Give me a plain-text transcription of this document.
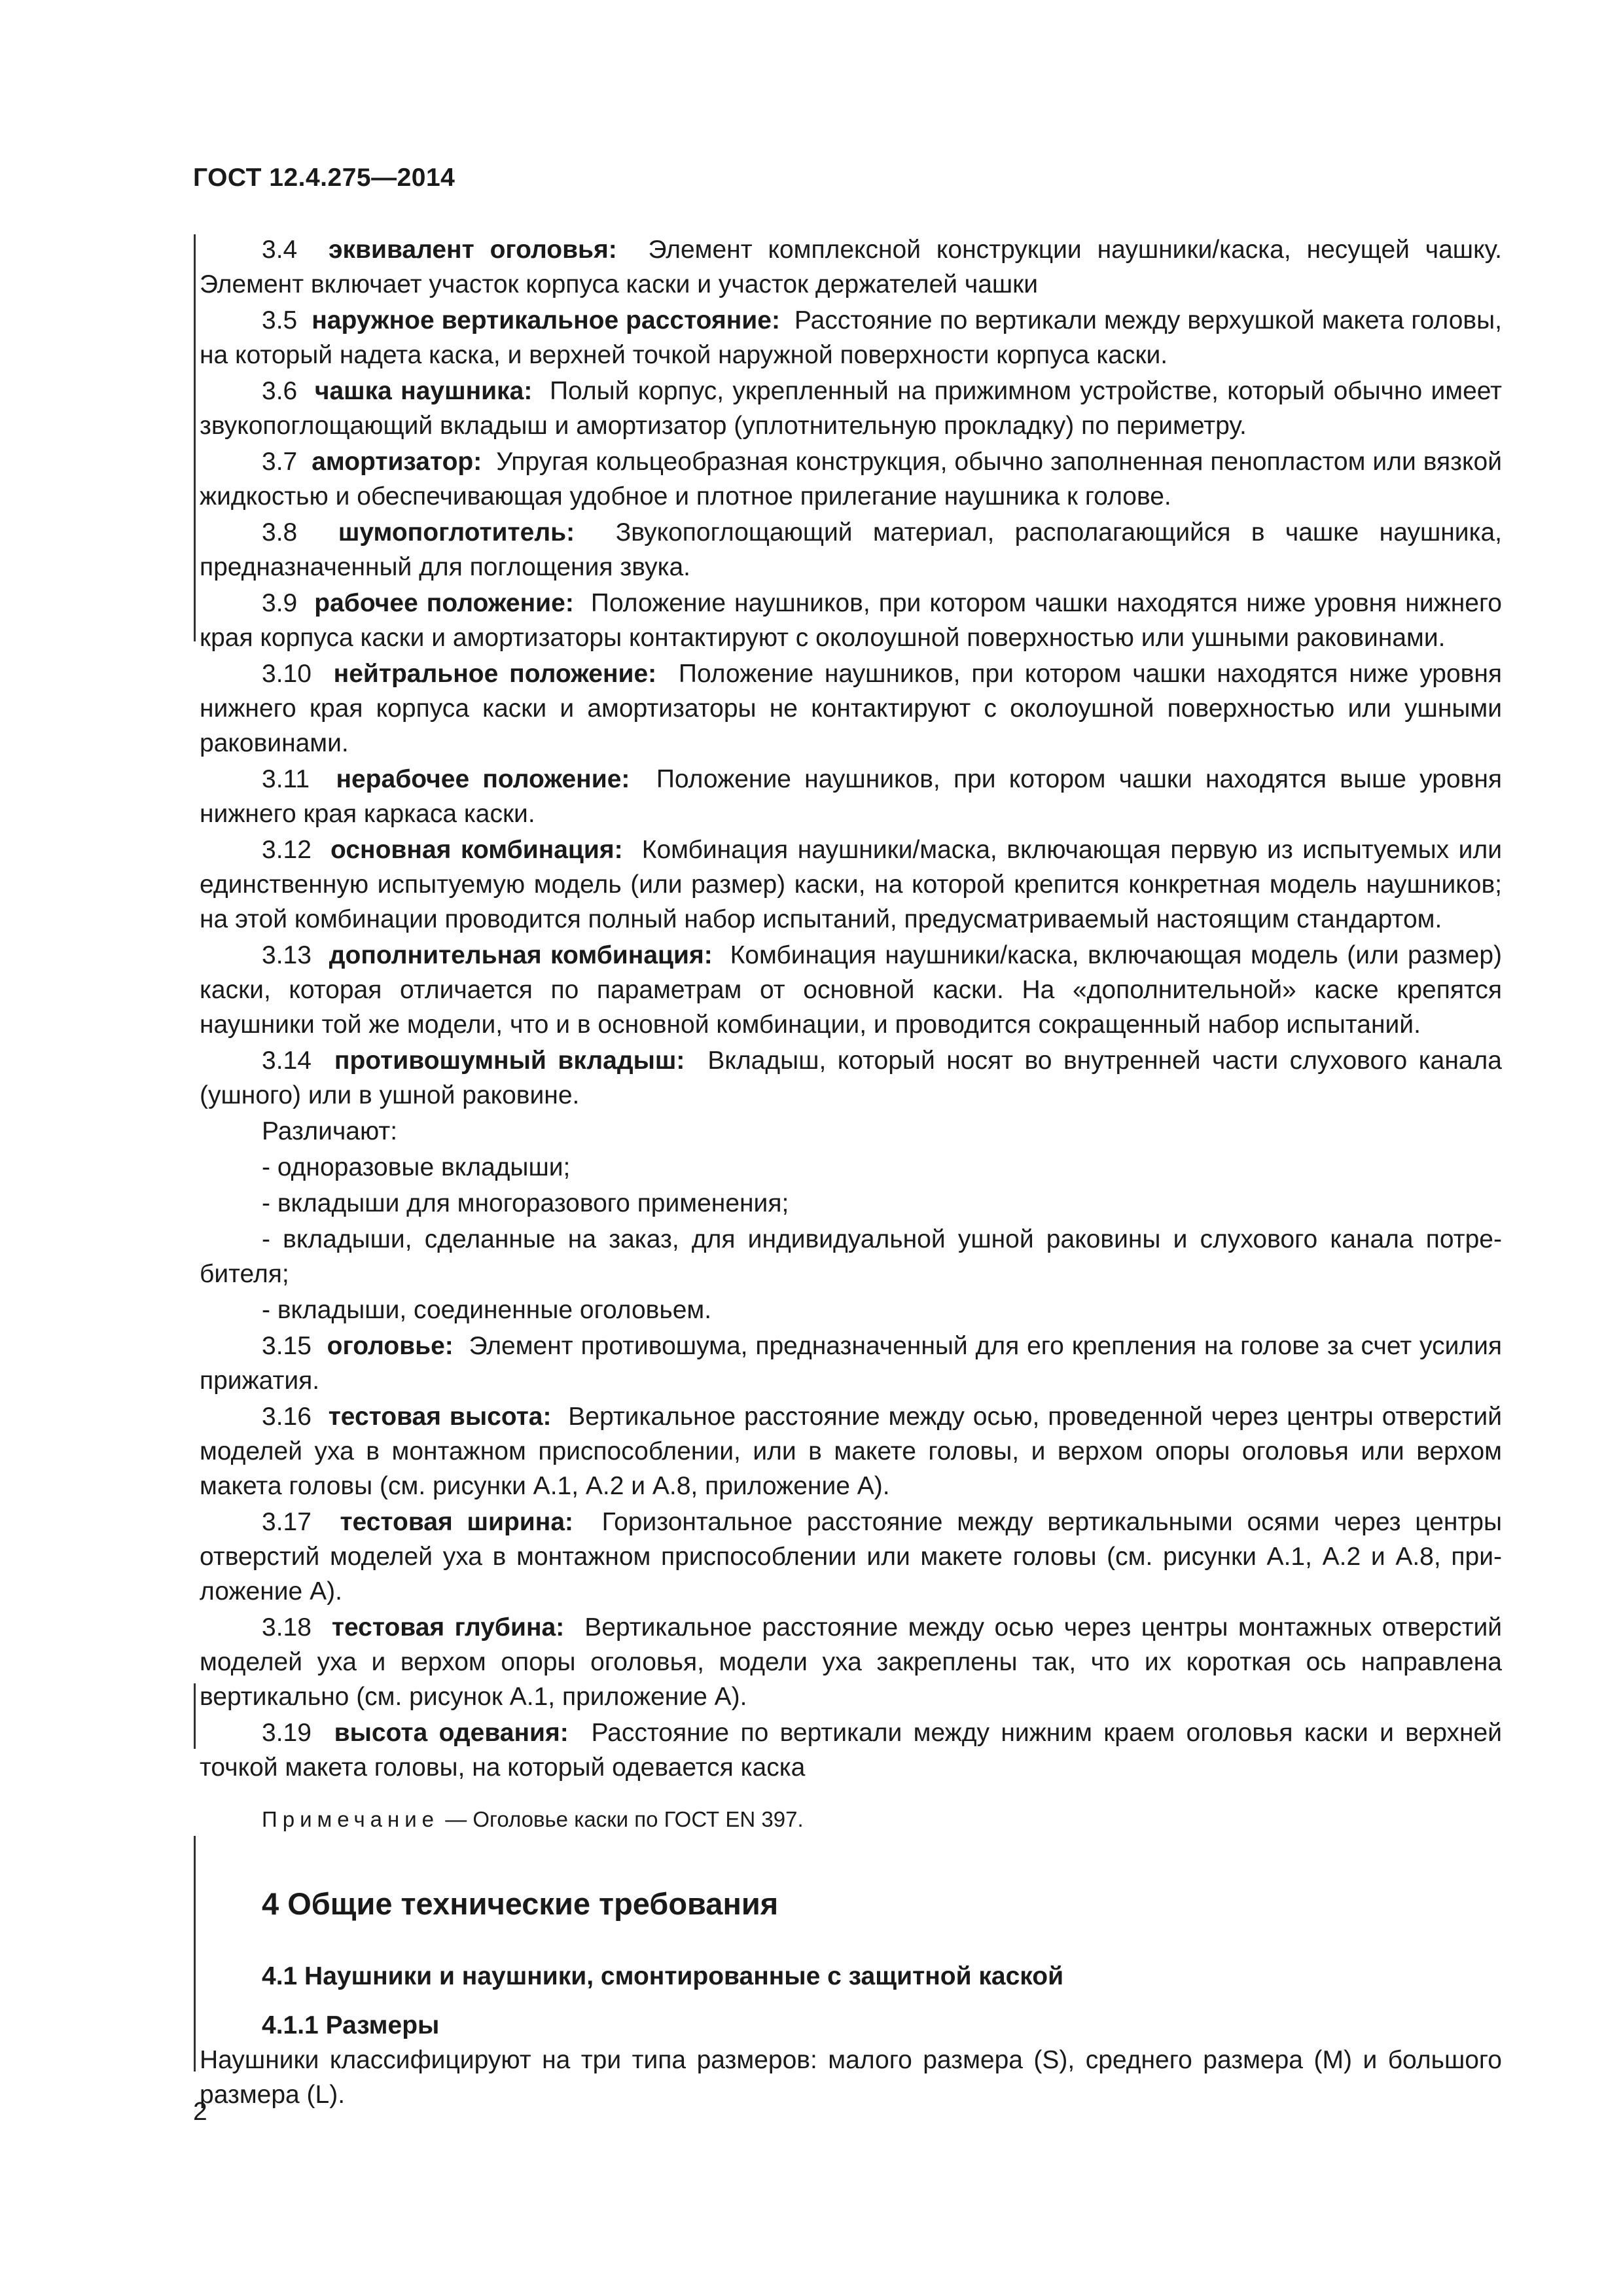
ГОСТ 12.4.275—2014

3.4 эквивалент оголовья: Элемент комплексной конструкции наушники/каска, несущей чашку. Элемент включает участок корпуса каски и участок держателей чашки

3.5 наружное вертикальное расстояние: Расстояние по вертикали между верхушкой макета головы, на который надета каска, и верхней точкой наружной поверхности корпуса каски.

3.6 чашка наушника: Полый корпус, укрепленный на прижимном устройстве, который обычно имеет звукопоглощающий вкладыш и амортизатор (уплотнительную прокладку) по периметру.

3.7 амортизатор: Упругая кольцеобразная конструкция, обычно заполненная пенопластом или вязкой жидкостью и обеспечивающая удобное и плотное прилегание наушника к голове.

3.8 шумопоглотитель: Звукопоглощающий материал, располагающийся в чашке наушника, предназначенный для поглощения звука.

3.9 рабочее положение: Положение наушников, при котором чашки находятся ниже уровня нижнего края корпуса каски и амортизаторы контактируют с околоушной поверхностью или ушными раковинами.

3.10 нейтральное положение: Положение наушников, при котором чашки находятся ниже уровня нижнего края корпуса каски и амортизаторы не контактируют с околоушной поверхностью или ушными раковинами.

3.11 нерабочее положение: Положение наушников, при котором чашки находятся выше уровня нижнего края каркаса каски.

3.12 основная комбинация: Комбинация наушники/маска, включающая первую из испытуемых или единственную испытуемую модель (или размер) каски, на которой крепится конкретная модель наушников; на этой комбинации проводится полный набор испытаний, предусматриваемый настоящим стандартом.

3.13 дополнительная комбинация: Комбинация наушники/каска, включающая модель (или размер) каски, которая отличается по параметрам от основной каски. На «дополнительной» каске крепятся наушники той же модели, что и в основной комбинации, и проводится сокращенный набор испытаний.

3.14 противошумный вкладыш: Вкладыш, который носят во внутренней части слухового канала (ушного) или в ушной раковине.

Различают:

- одноразовые вкладыши;

- вкладыши для многоразового применения;

- вкладыши, сделанные на заказ, для индивидуальной ушной раковины и слухового канала потребителя;

- вкладыши, соединенные оголовьем.

3.15 оголовье: Элемент противошума, предназначенный для его крепления на голове за счет усилия прижатия.

3.16 тестовая высота: Вертикальное расстояние между осью, проведенной через центры отверстий моделей уха в монтажном приспособлении, или в макете головы, и верхом опоры оголовья или верхом макета головы (см. рисунки А.1, А.2 и А.8, приложение А).

3.17 тестовая ширина: Горизонтальное расстояние между вертикальными осями через центры отверстий моделей уха в монтажном приспособлении или макете головы (см. рисунки А.1, А.2 и А.8, приложение А).

3.18 тестовая глубина: Вертикальное расстояние между осью через центры монтажных отверстий моделей уха и верхом опоры оголовья, модели уха закреплены так, что их короткая ось направлена вертикально (см. рисунок А.1, приложение А).

3.19 высота одевания: Расстояние по вертикали между нижним краем оголовья каски и верхней точкой макета головы, на который одевается каска

Примечание — Оголовье каски по ГОСТ EN 397.

4 Общие технические требования
4.1 Наушники и наушники, смонтированные с защитной каской
4.1.1 Размеры

Наушники классифицируют на три типа размеров: малого размера (S), среднего размера (M) и большого размера (L).

2
